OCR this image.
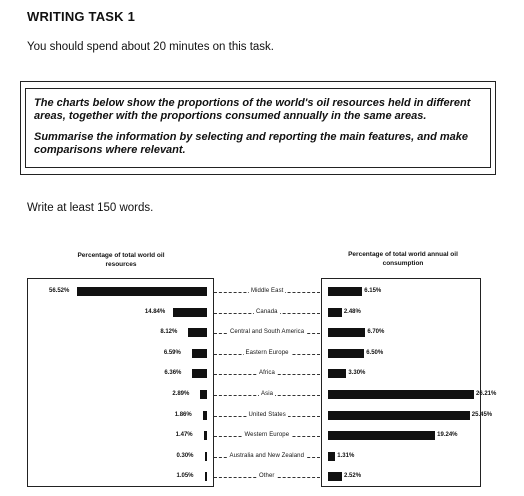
WRITING TASK 1
You should spend about 20 minutes on this task.

The charts below show the proportions of the world's oil resources held in different areas, together with the proportions consumed annually in the same areas.

Summarise the information by selecting and reporting the main features, and make comparisons where relevant.

Write at least 150 words.
Percentage of total world oil resources
Percentage of total world annual oil consumption
56.52%	Middle East	6.15%
14.84%	Canada	2.48%
8.12%	Central and South America	6.70%
6.59%	Eastern Europe	6.50%
6.36%	Africa	3.30%
2.89%	Asia	26.21%
1.86%	United States	25.45%
1.47%	Western Europe	19.24%
0.30%	Australia and New Zealand	1.31%
1.05%	Other	2.52%
